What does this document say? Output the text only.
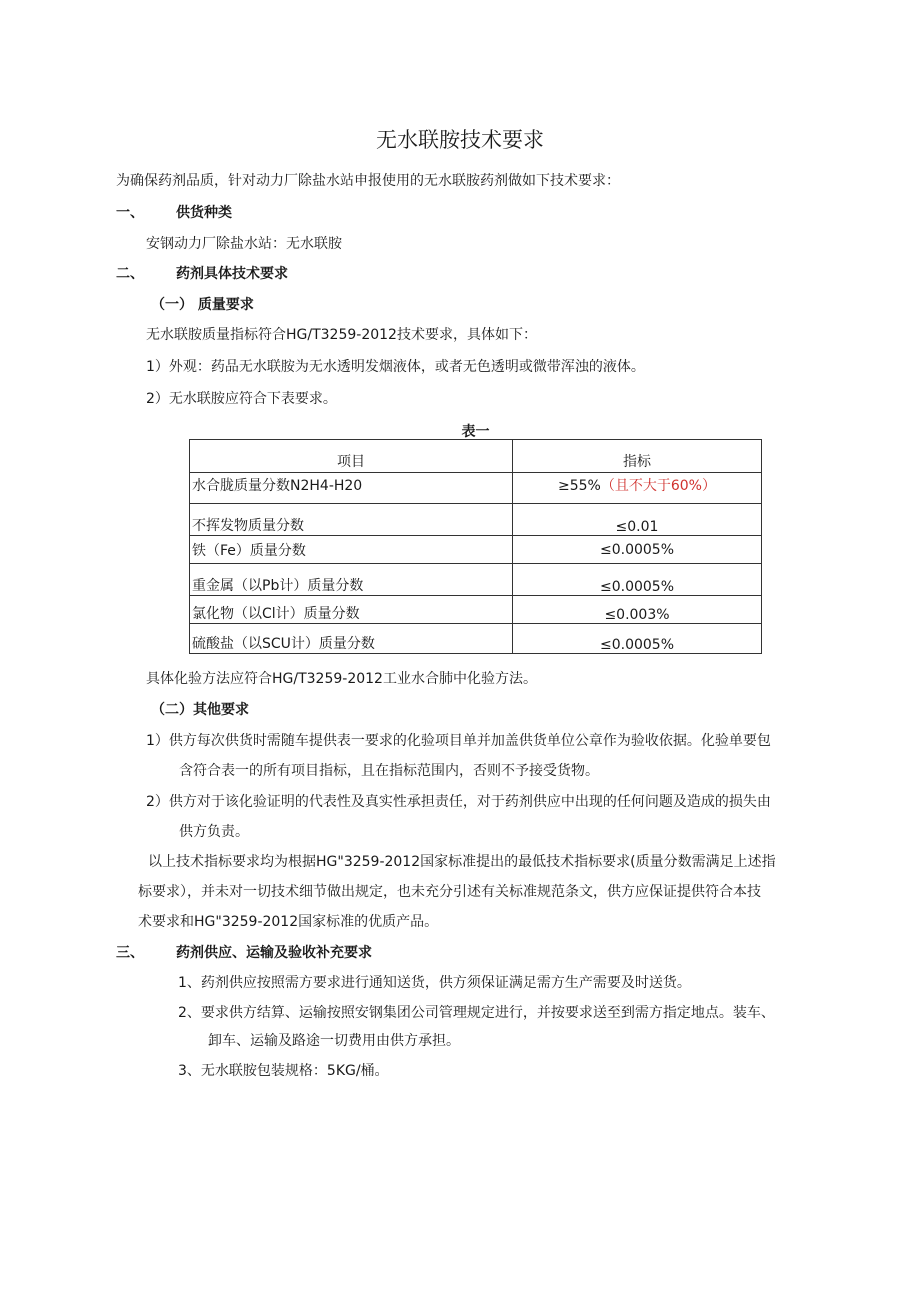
无水联胺技术要求
为确保药剂品质，针对动力厂除盐水站申报使用的无水联胺药剂做如下技术要求：
一、 供货种类
安钢动力厂除盐水站：无水联胺
二、 药剂具体技术要求
（一） 质量要求
无水联胺质量指标符合HG/T3259-2012技术要求，具体如下：
1）外观：药品无水联胺为无水透明发烟液体，或者无色透明或微带浑浊的液体。
2）无水联胺应符合下表要求。
表一
项目	指标
水合胧质量分数N2H4-H20	≥55%（且不大于60%）
不挥发物质量分数	≤0.01
铁（Fe）质量分数	≤0.0005%
重金属（以Pb计）质量分数	≤0.0005%
氯化物（以Cl计）质量分数	≤0.003%
硫酸盐（以SCU计）质量分数	≤0.0005%
具体化验方法应符合HG/T3259-2012工业水合肺中化验方法。
（二）其他要求
1）供方每次供货时需随车提供表一要求的化验项目单并加盖供货单位公章作为验收依据。化验单要包
含符合表一的所有项目指标，且在指标范围内，否则不予接受货物。
2）供方对于该化验证明的代表性及真实性承担责任，对于药剂供应中出现的任何问题及造成的损失由
供方负责。
以上技术指标要求均为根据HG"3259-2012国家标准提出的最低技术指标要求(质量分数需满足上述指
标要求），并未对一切技术细节做出规定，也未充分引述有关标准规范条文，供方应保证提供符合本技
术要求和HG"3259-2012国家标准的优质产品。
三、 药剂供应、运输及验收补充要求
1、药剂供应按照需方要求进行通知送货，供方须保证满足需方生产需要及时送货。
2、要求供方结算、运输按照安钢集团公司管理规定进行，并按要求送至到需方指定地点。装车、
卸车、运输及路途一切费用由供方承担。
3、无水联胺包装规格：5KG/桶。
